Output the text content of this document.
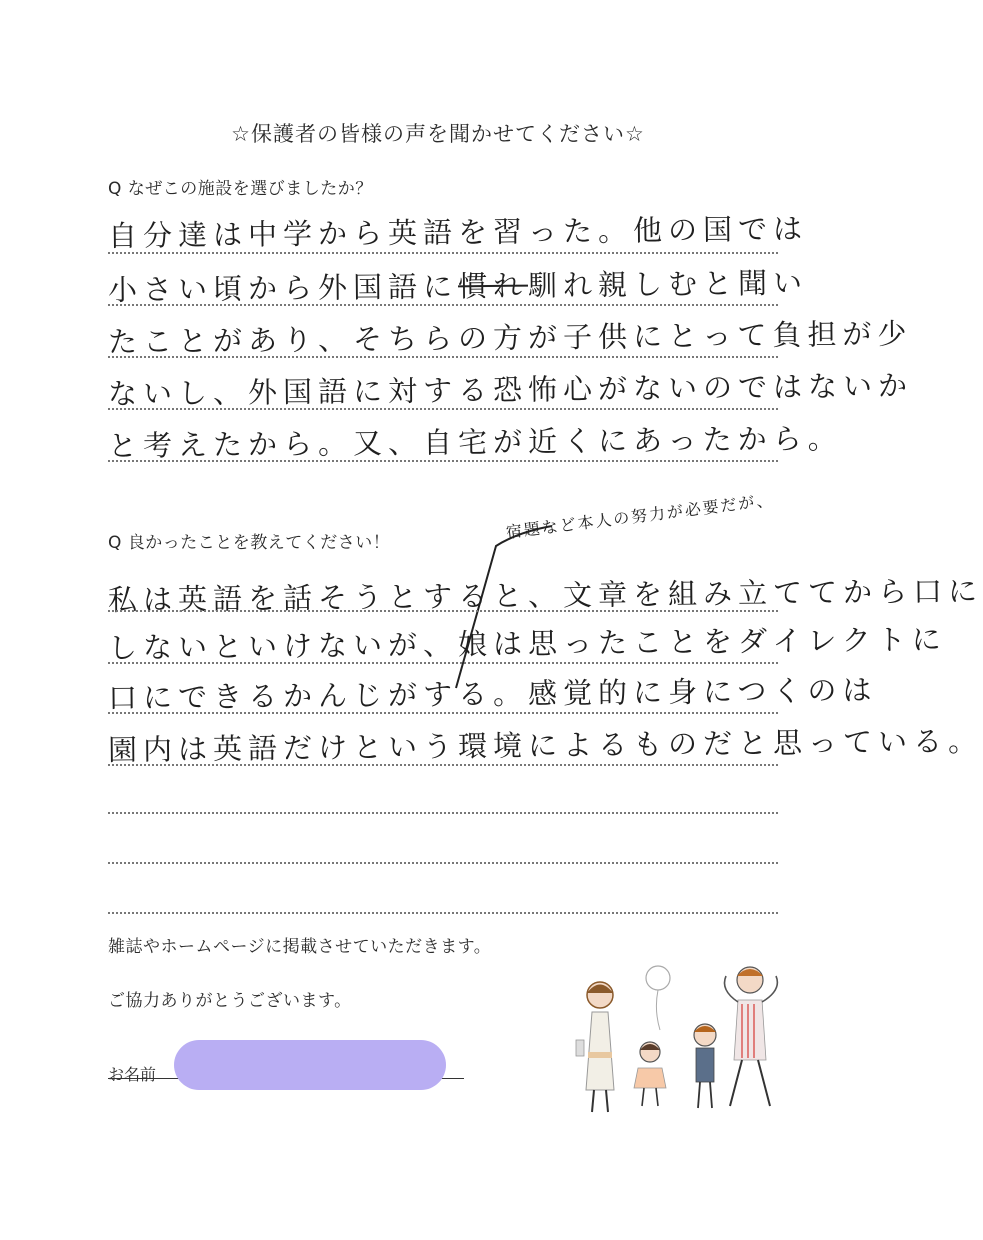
☆保護者の皆様の声を聞かせてください☆
Q なぜこの施設を選びましたか？
自分達は中学から英語を習った。他の国では
小さい頃から外国語に慣れ馴れ親しむと聞い
たことがあり、そちらの方が子供にとって負担が少
ないし、外国語に対する恐怖心がないのではないか
と考えたから。又、自宅が近くにあったから。
Q 良かったことを教えてください！
宿題など本人の努力が必要だが、
私は英語を話そうとすると、文章を組み立ててから口に
しないといけないが、娘は思ったことをダイレクトに
口にできるかんじがする。感覚的に身につくのは
園内は英語だけという環境によるものだと思っている。
雑誌やホームページに掲載させていただきます。
ご協力ありがとうございます。
お名前
